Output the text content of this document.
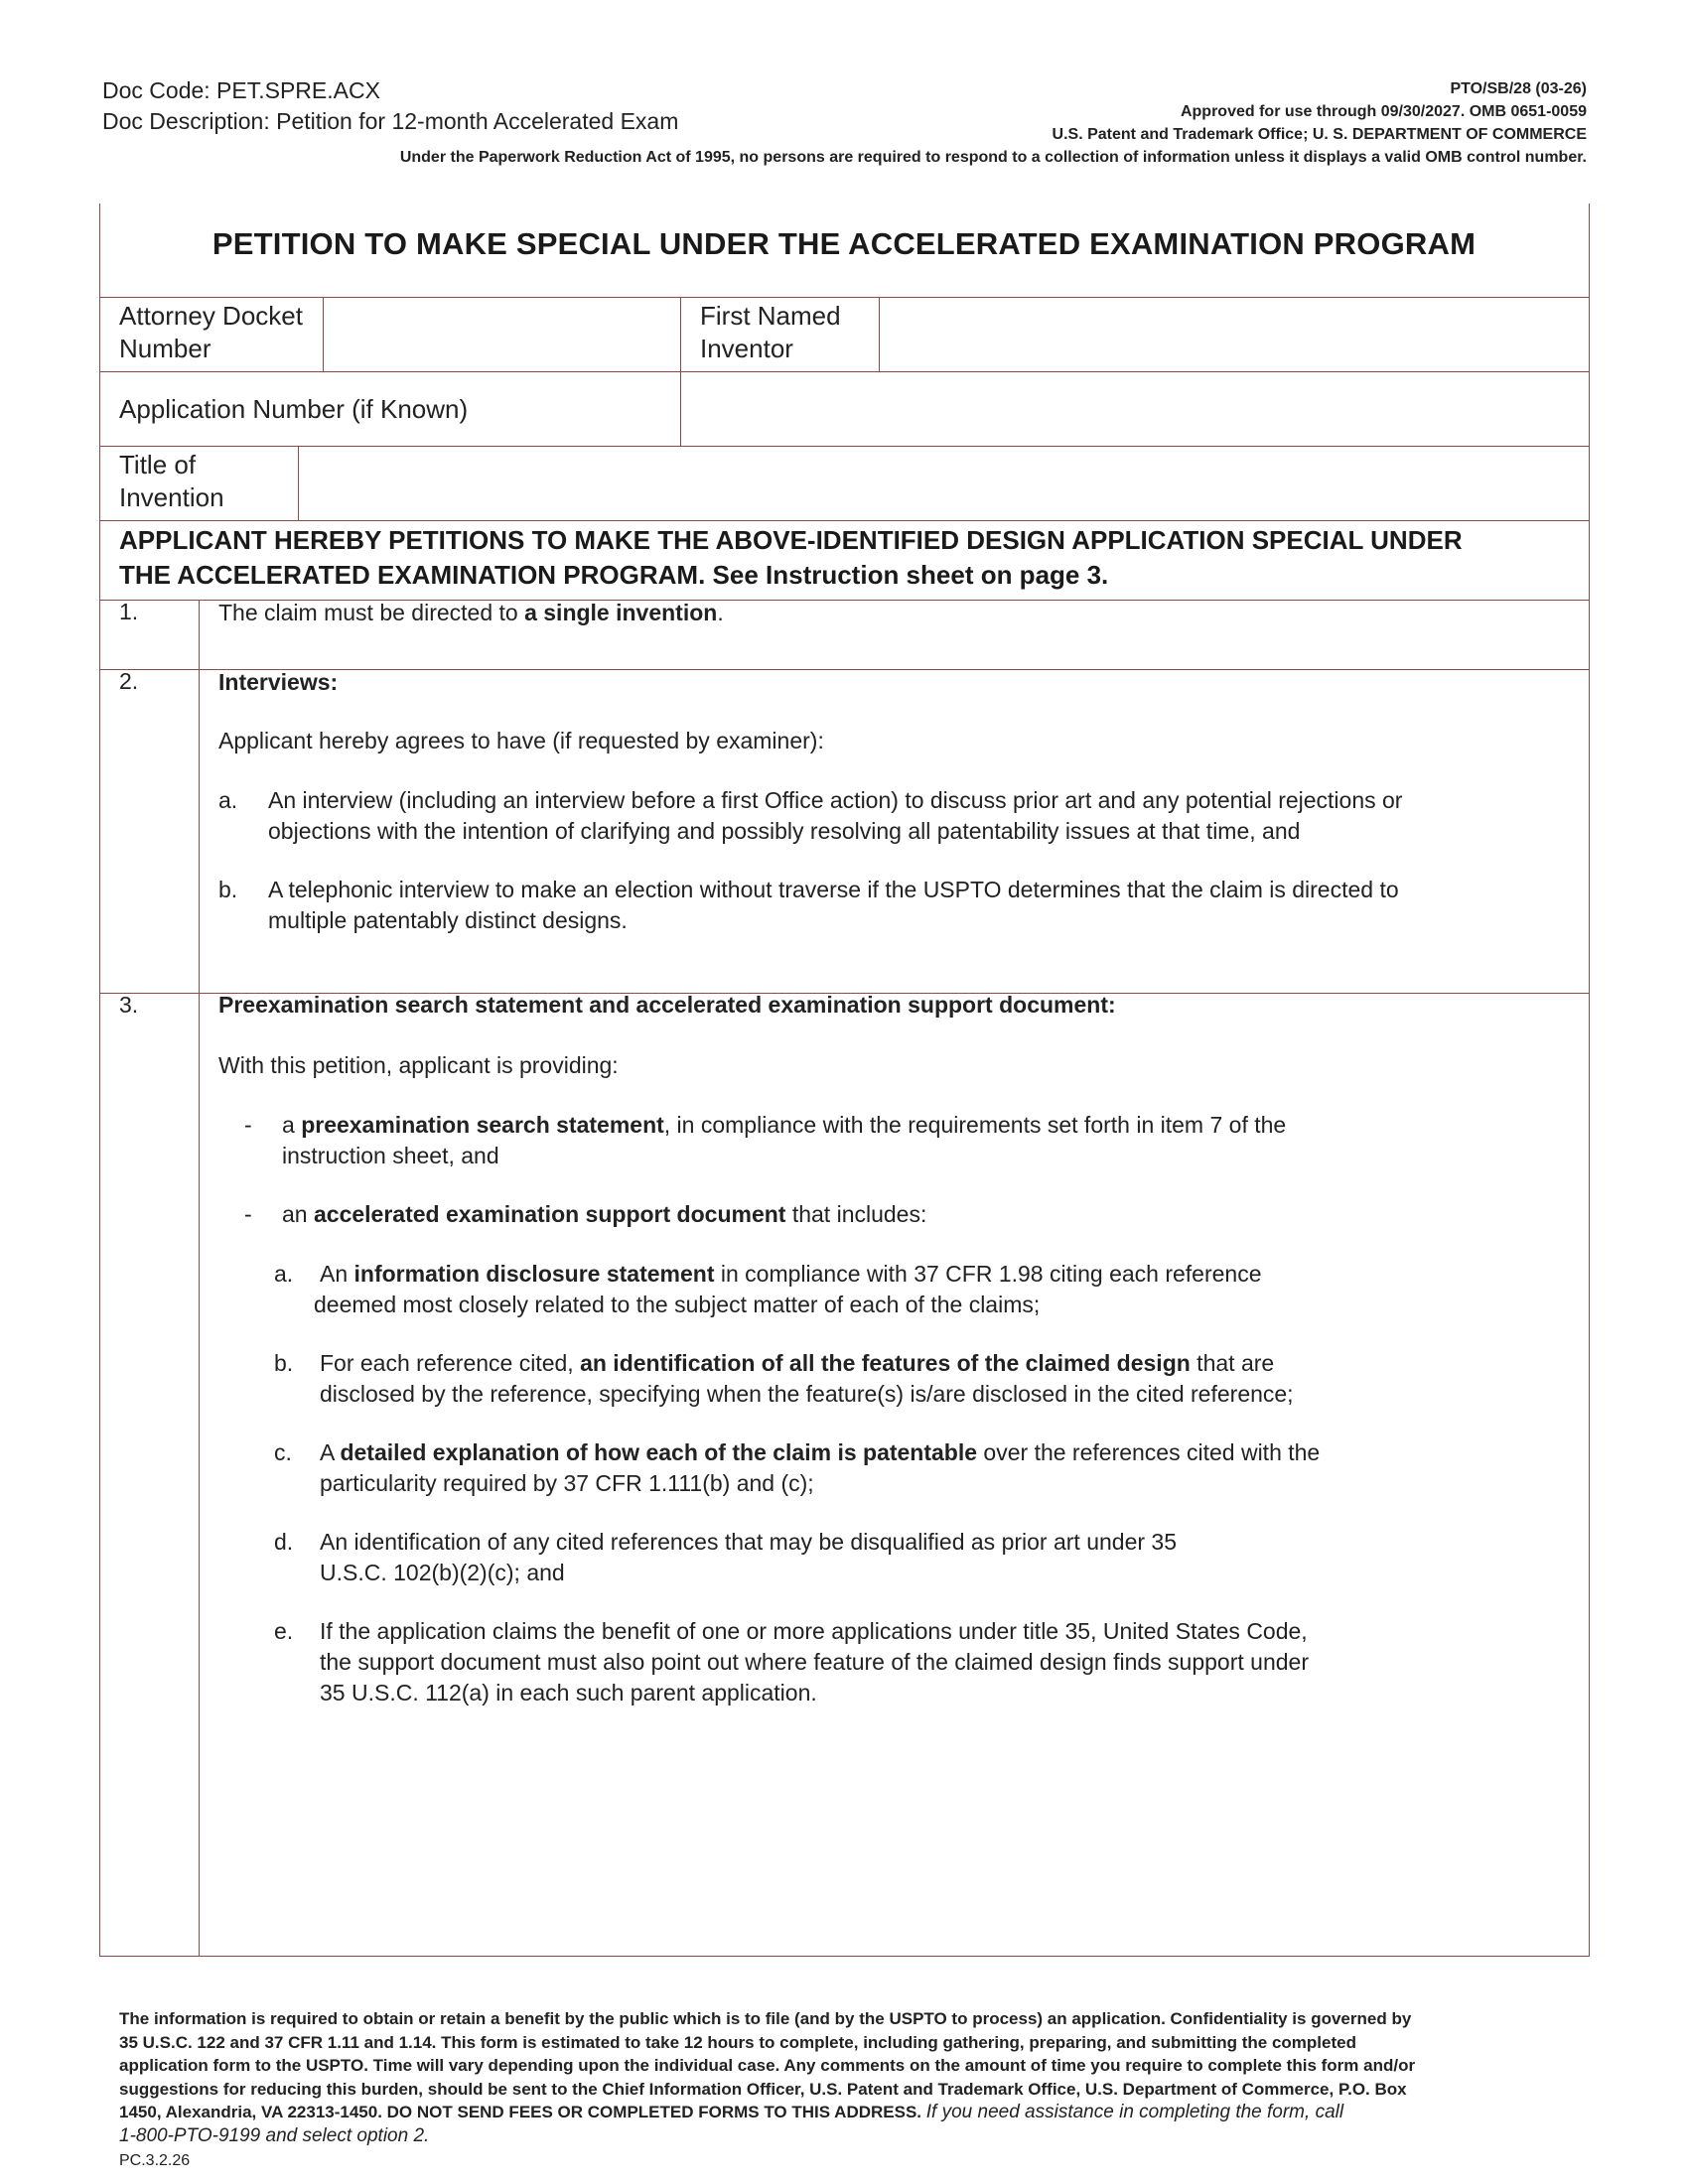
Doc Code: PET.SPRE.ACX
Doc Description: Petition for 12-month Accelerated Exam
PTO/SB/28 (03-26)
Approved for use through 09/30/2027. OMB 0651-0059
U.S. Patent and Trademark Office; U. S. DEPARTMENT OF COMMERCE
Under the Paperwork Reduction Act of 1995, no persons are required to respond to a collection of information unless it displays a valid OMB control number.
PETITION TO MAKE SPECIAL UNDER THE ACCELERATED EXAMINATION PROGRAM
Attorney Docket
Number
First Named
Inventor
Application Number (if Known)
Title of
Invention
APPLICANT HEREBY PETITIONS TO MAKE THE ABOVE-IDENTIFIED DESIGN APPLICATION SPECIAL UNDER
THE ACCELERATED EXAMINATION PROGRAM. See Instruction sheet on page 3.
1.	The claim must be directed to a single invention.
2.	Interviews:
Applicant hereby agrees to have (if requested by examiner):
a. An interview (including an interview before a first Office action) to discuss prior art and any potential rejections or
objections with the intention of clarifying and possibly resolving all patentability issues at that time, and
b. A telephonic interview to make an election without traverse if the USPTO determines that the claim is directed to
multiple patentably distinct designs.
3.	Preexamination search statement and accelerated examination support document:
With this petition, applicant is providing:
- a preexamination search statement, in compliance with the requirements set forth in item 7 of the
instruction sheet, and
- an accelerated examination support document that includes:
a. An information disclosure statement in compliance with 37 CFR 1.98 citing each reference
deemed most closely related to the subject matter of each of the claims;
b. For each reference cited, an identification of all the features of the claimed design that are
disclosed by the reference, specifying when the feature(s) is/are disclosed in the cited reference;
c. A detailed explanation of how each of the claim is patentable over the references cited with the
particularity required by 37 CFR 1.111(b) and (c);
d. An identification of any cited references that may be disqualified as prior art under 35
U.S.C. 102(b)(2)(c); and
e. If the application claims the benefit of one or more applications under title 35, United States Code,
the support document must also point out where feature of the claimed design finds support under
35 U.S.C. 112(a) in each such parent application.
The information is required to obtain or retain a benefit by the public which is to file (and by the USPTO to process) an application. Confidentiality is governed by
35 U.S.C. 122 and 37 CFR 1.11 and 1.14. This form is estimated to take 12 hours to complete, including gathering, preparing, and submitting the completed
application form to the USPTO. Time will vary depending upon the individual case. Any comments on the amount of time you require to complete this form and/or
suggestions for reducing this burden, should be sent to the Chief Information Officer, U.S. Patent and Trademark Office, U.S. Department of Commerce, P.O. Box
1450, Alexandria, VA 22313-1450. DO NOT SEND FEES OR COMPLETED FORMS TO THIS ADDRESS. If you need assistance in completing the form, call
1-800-PTO-9199 and select option 2.
PC.3.2.26
